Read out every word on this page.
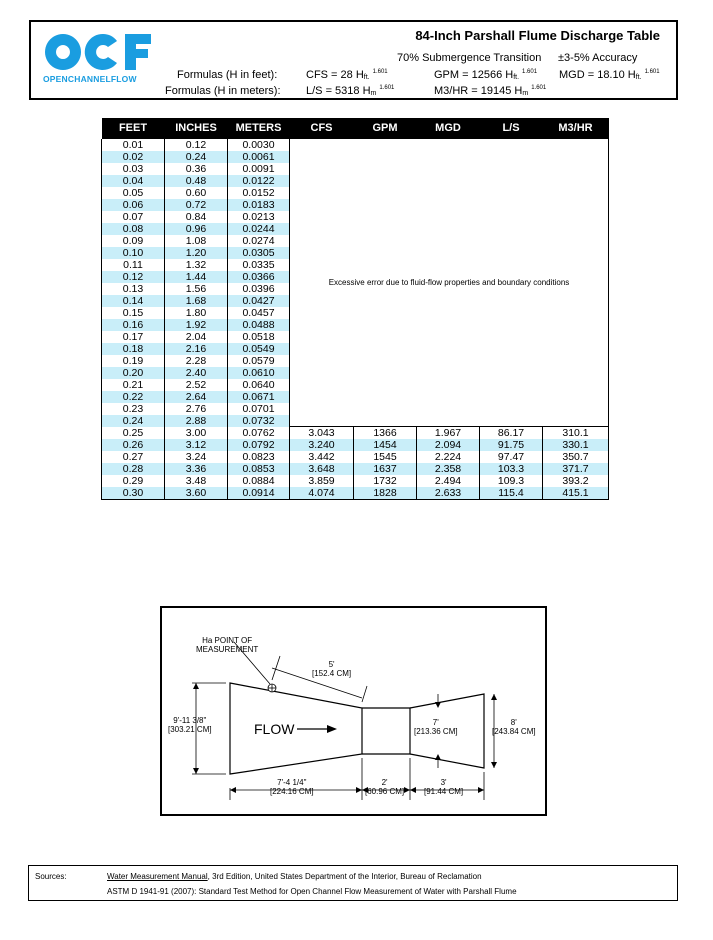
OPENCHANNELFLOW
84-Inch Parshall Flume Discharge Table
70% Submergence Transition ±3-5% Accuracy
Formulas (H in feet):
Formulas (H in meters):
CFS = 28 $H_{ft.}^{1.601}$	GPM = 12566 $H_{ft.}^{1.601}$ MGD = 18.10 $H_{ft.}^{1.601}$
L/S = 5318 $H_m^{1.601}$	M3/HR = 19145 $H_m^{1.601}$
FEET	INCHES	METERS	CFS	GPM	MGD	L/S	M3/HR
0.01	0.12	0.0030	Excessive error due to fluid-flow properties and boundary conditions				
0.02	0.24	0.0061					
0.03	0.36	0.0091					
0.04	0.48	0.0122					
0.05	0.60	0.0152					
0.06	0.72	0.0183					
0.07	0.84	0.0213					
0.08	0.96	0.0244					
0.09	1.08	0.0274					
0.10	1.20	0.0305					
0.11	1.32	0.0335					
0.12	1.44	0.0366					
0.13	1.56	0.0396					
0.14	1.68	0.0427					
0.15	1.80	0.0457					
0.16	1.92	0.0488					
0.17	2.04	0.0518					
0.18	2.16	0.0549					
0.19	2.28	0.0579					
0.20	2.40	0.0610					
0.21	2.52	0.0640					
0.22	2.64	0.0671					
0.23	2.76	0.0701					
0.24	2.88	0.0732					
0.25	3.00	0.0762	3.043	1366	1.967	86.17	310.1
0.26	3.12	0.0792	3.240	1454	2.094	91.75	330.1
0.27	3.24	0.0823	3.442	1545	2.224	97.47	350.7
0.28	3.36	0.0853	3.648	1637	2.358	103.3	371.7
0.29	3.48	0.0884	3.859	1732	2.494	109.3	393.2
0.30	3.60	0.0914	4.074	1828	2.633	115.4	415.1
Ha POINT OF
MEASUREMENT
5'
[152.4 CM]
9'-11 3/8"
[303.21 CM]	FLOW	7'
[213.36 CM]
8'
[243.84 CM]
7'-4 1/4"
[224.16 CM]
2'
[60.96 CM]
3'
[91.44 CM]
Sources:	Water Measurement Manual, 3rd Edition, United States Department of the Interior, Bureau of Reclamation
ASTM D 1941-91 (2007): Standard Test Method for Open Channel Flow Measurement of Water with Parshall Flume
